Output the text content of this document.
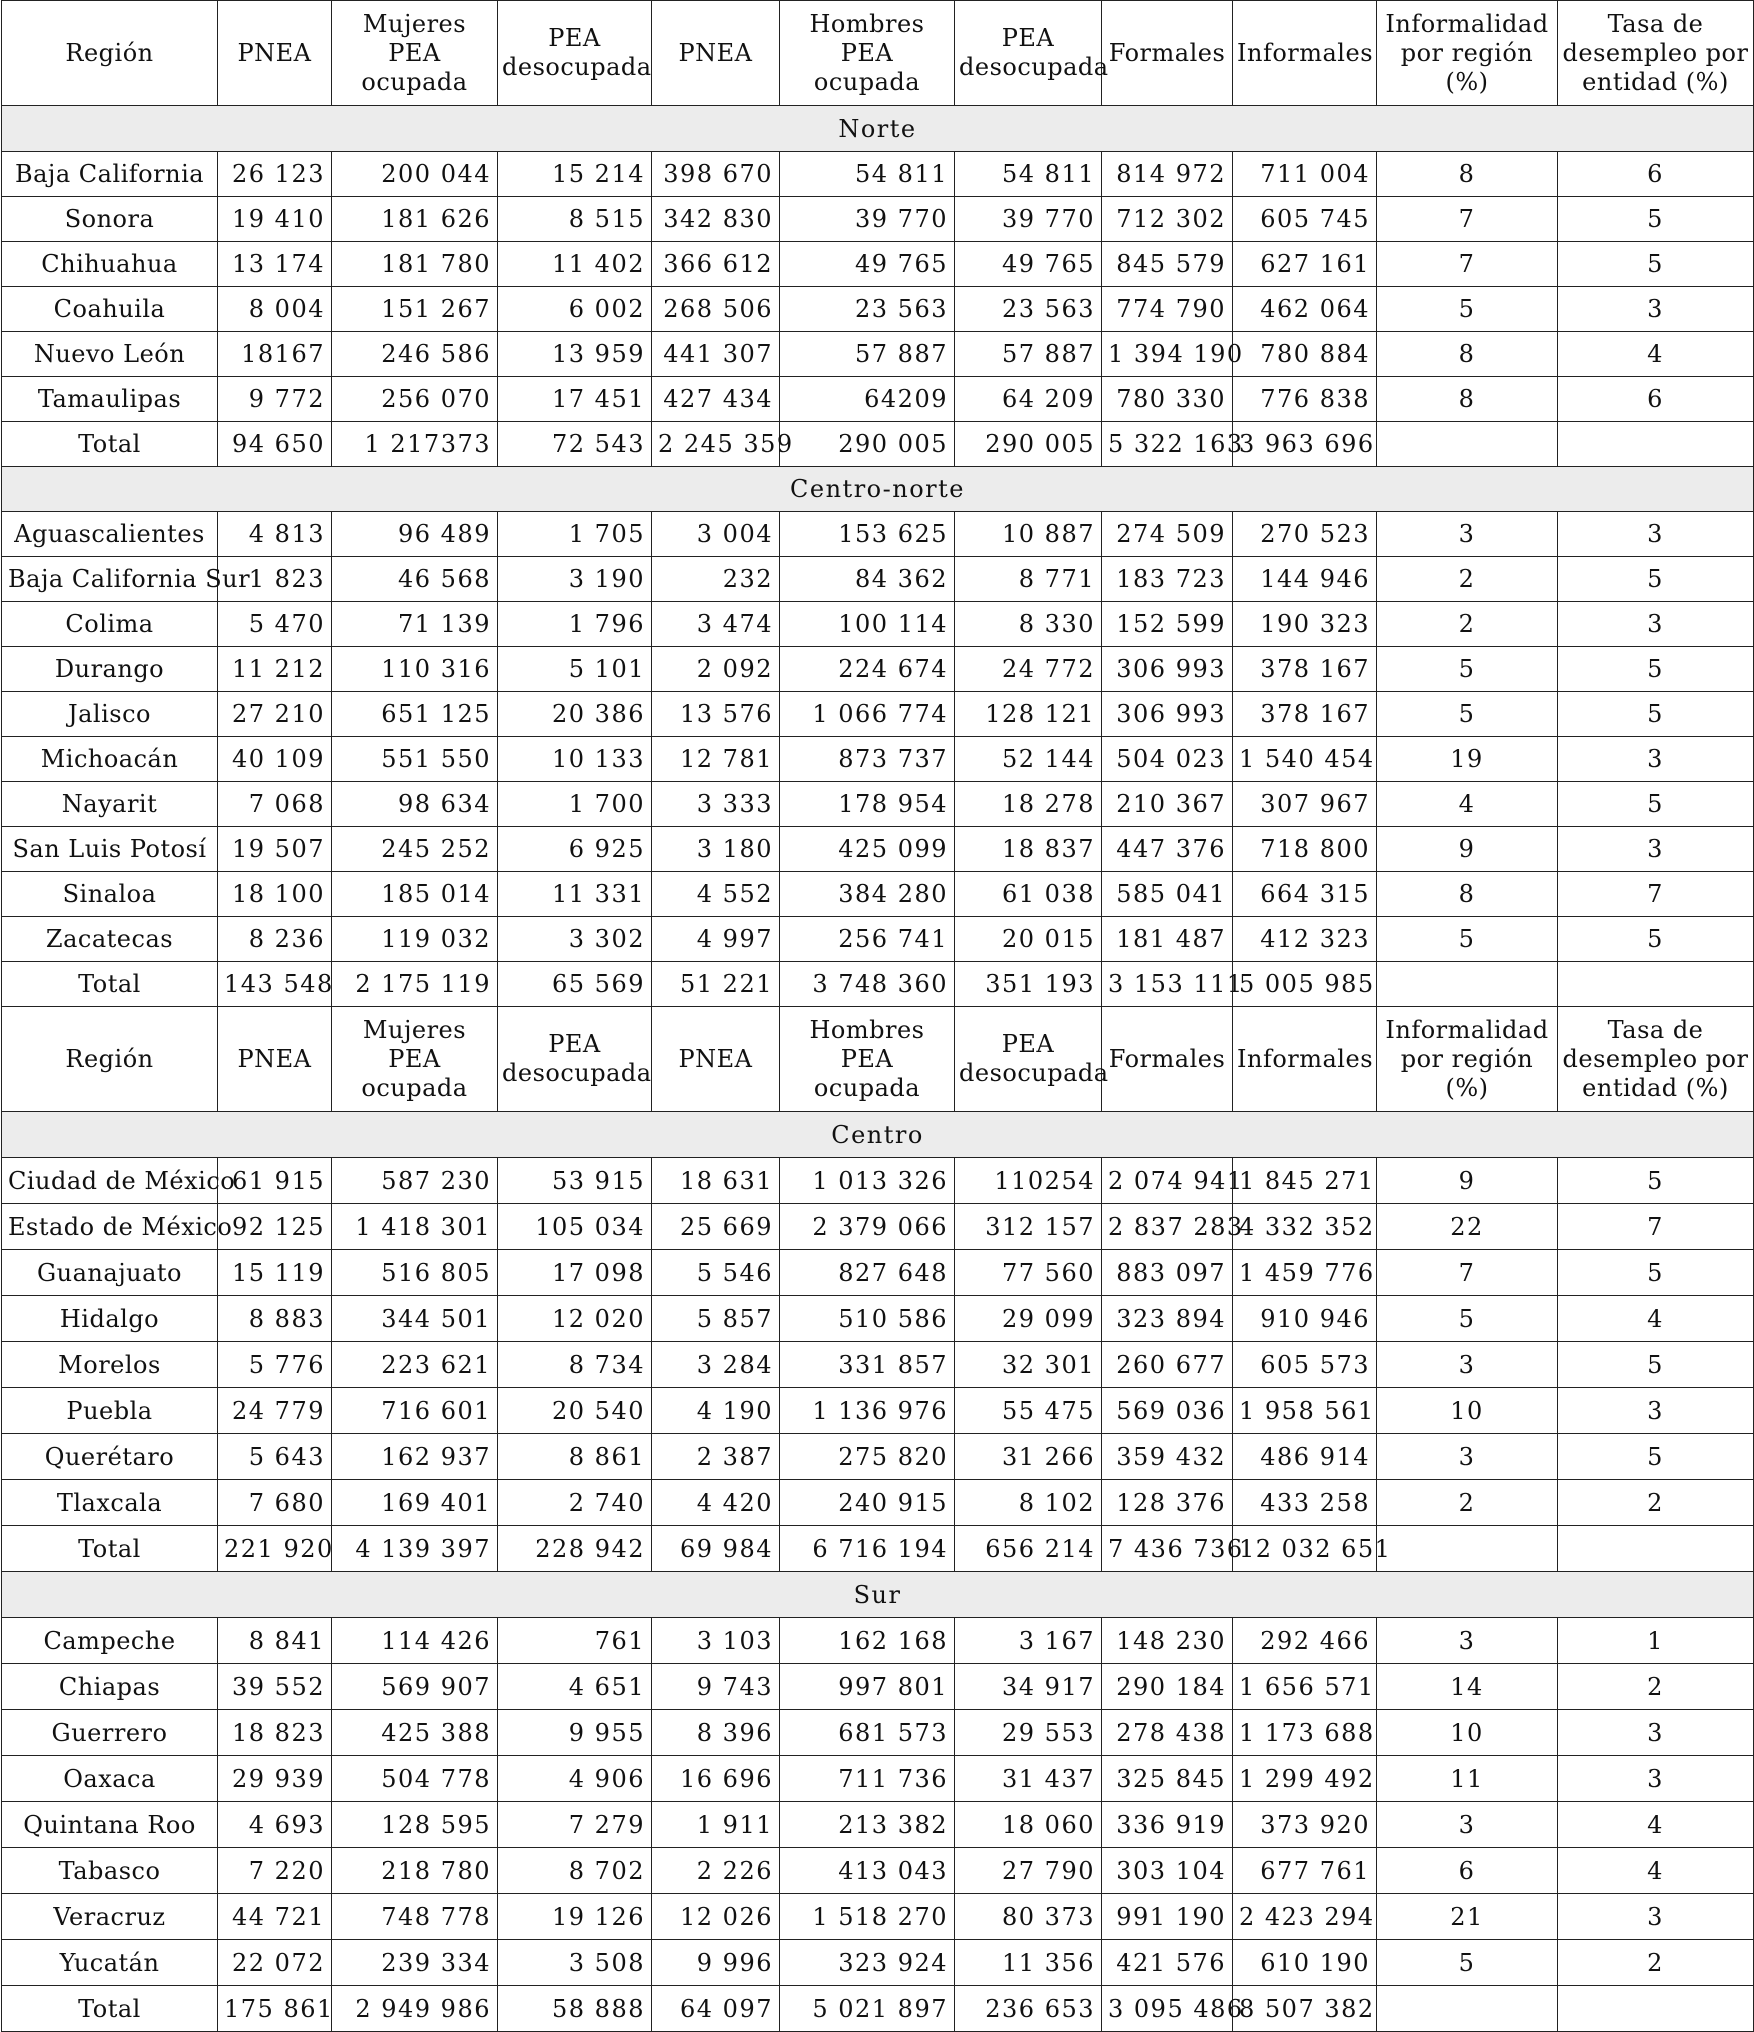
Región	PNEA	Mujeres PEA ocupada	PEA desocupada	PNEA	Hombres PEA ocupada	PEA desocupada	Formales	Informales	Informalidad por región (%)	Tasa de desempleo por entidad (%)
Norte										
Baja California	26 123	200 044	15 214	398 670	54 811	54 811	814 972	711 004	8	6
Sonora	19 410	181 626	8 515	342 830	39 770	39 770	712 302	605 745	7	5
Chihuahua	13 174	181 780	11 402	366 612	49 765	49 765	845 579	627 161	7	5
Coahuila	8 004	151 267	6 002	268 506	23 563	23 563	774 790	462 064	5	3
Nuevo León	18167	246 586	13 959	441 307	57 887	57 887	1 394 190	780 884	8	4
Tamaulipas	9 772	256 070	17 451	427 434	64209	64 209	780 330	776 838	8	6
Total	94 650	1 217373	72 543	2 245 359	290 005	290 005	5 322 163	3 963 696		
Centro-norte										
Aguascalientes	4 813	96 489	1 705	3 004	153 625	10 887	274 509	270 523	3	3
Baja California Sur	1 823	46 568	3 190	232	84 362	8 771	183 723	144 946	2	5
Colima	5 470	71 139	1 796	3 474	100 114	8 330	152 599	190 323	2	3
Durango	11 212	110 316	5 101	2 092	224 674	24 772	306 993	378 167	5	5
Jalisco	27 210	651 125	20 386	13 576	1 066 774	128 121	306 993	378 167	5	5
Michoacán	40 109	551 550	10 133	12 781	873 737	52 144	504 023	1 540 454	19	3
Nayarit	7 068	98 634	1 700	3 333	178 954	18 278	210 367	307 967	4	5
San Luis Potosí	19 507	245 252	6 925	3 180	425 099	18 837	447 376	718 800	9	3
Sinaloa	18 100	185 014	11 331	4 552	384 280	61 038	585 041	664 315	8	7
Zacatecas	8 236	119 032	3 302	4 997	256 741	20 015	181 487	412 323	5	5
Total	143 548	2 175 119	65 569	51 221	3 748 360	351 193	3 153 111	5 005 985		
Región	PNEA	Mujeres PEA ocupada	PEA desocupada	PNEA	Hombres PEA ocupada	PEA desocupada	Formales	Informales	Informalidad por región (%)	Tasa de desempleo por entidad (%)
Centro										
Ciudad de México	61 915	587 230	53 915	18 631	1 013 326	110254	2 074 941	1 845 271	9	5
Estado de México	92 125	1 418 301	105 034	25 669	2 379 066	312 157	2 837 283	4 332 352	22	7
Guanajuato	15 119	516 805	17 098	5 546	827 648	77 560	883 097	1 459 776	7	5
Hidalgo	8 883	344 501	12 020	5 857	510 586	29 099	323 894	910 946	5	4
Morelos	5 776	223 621	8 734	3 284	331 857	32 301	260 677	605 573	3	5
Puebla	24 779	716 601	20 540	4 190	1 136 976	55 475	569 036	1 958 561	10	3
Querétaro	5 643	162 937	8 861	2 387	275 820	31 266	359 432	486 914	3	5
Tlaxcala	7 680	169 401	2 740	4 420	240 915	8 102	128 376	433 258	2	2
Total	221 920	4 139 397	228 942	69 984	6 716 194	656 214	7 436 736	12 032 651		
Sur										
Campeche	8 841	114 426	761	3 103	162 168	3 167	148 230	292 466	3	1
Chiapas	39 552	569 907	4 651	9 743	997 801	34 917	290 184	1 656 571	14	2
Guerrero	18 823	425 388	9 955	8 396	681 573	29 553	278 438	1 173 688	10	3
Oaxaca	29 939	504 778	4 906	16 696	711 736	31 437	325 845	1 299 492	11	3
Quintana Roo	4 693	128 595	7 279	1 911	213 382	18 060	336 919	373 920	3	4
Tabasco	7 220	218 780	8 702	2 226	413 043	27 790	303 104	677 761	6	4
Veracruz	44 721	748 778	19 126	12 026	1 518 270	80 373	991 190	2 423 294	21	3
Yucatán	22 072	239 334	3 508	9 996	323 924	11 356	421 576	610 190	5	2
Total	175 861	2 949 986	58 888	64 097	5 021 897	236 653	3 095 486	8 507 382		
